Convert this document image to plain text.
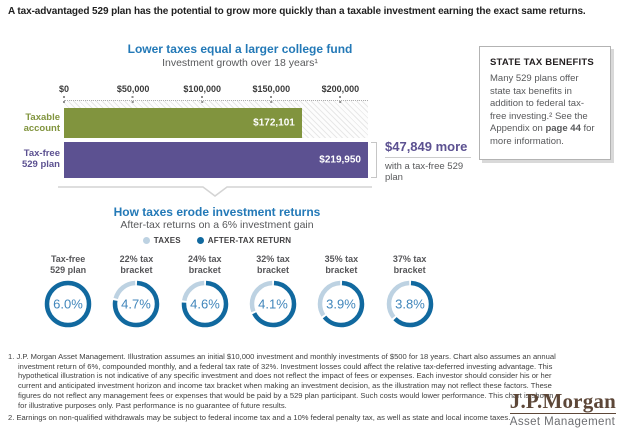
A tax-advantaged 529 plan has the potential to grow more quickly than a taxable investment earning the exact same returns.
Lower taxes equal a larger college fund
Investment growth over 18 years¹
$0	$50,000	$100,000	$150,000	$200,000
$172,101
$219,950
Taxable
account
Tax-free
529 plan
$47,849 more
with a tax-free 529 plan
How taxes erode investment returns
After-tax returns on a 6% investment gain
TAXES	AFTER-TAX RETURN
Tax-free
529 plan
6.0%
22% tax
bracket
4.7%
24% tax
bracket
4.6%
32% tax
bracket
4.1%
35% tax
bracket
3.9%
37% tax
bracket
3.8%
STATE TAX BENEFITS
Many 529 plans offer state tax benefits in addition to federal tax-free investing.² See the Appendix on page 44 for more information.
1. J.P. Morgan Asset Management. Illustration assumes an initial $10,000 investment and monthly investments of $500 for 18 years. Chart also assumes an annual investment return of 6%, compounded monthly, and a federal tax rate of 32%. Investment losses could affect the relative tax-deferred investing advantage. This hypothetical illustration is not indicative of any specific investment and does not reflect the impact of fees or expenses. Each investor should consider his or her current and anticipated investment horizon and income tax bracket when making an investment decision, as the illustration may not reflect these factors. These figures do not reflect any management fees or expenses that would be paid by a 529 plan participant. Such costs would lower performance. This chart is shown for illustrative purposes only. Past performance is no guarantee of future results.
2. Earnings on non-qualified withdrawals may be subject to federal income tax and a 10% federal penalty tax, as well as state and local income taxes.
J.P.Morgan
Asset Management
